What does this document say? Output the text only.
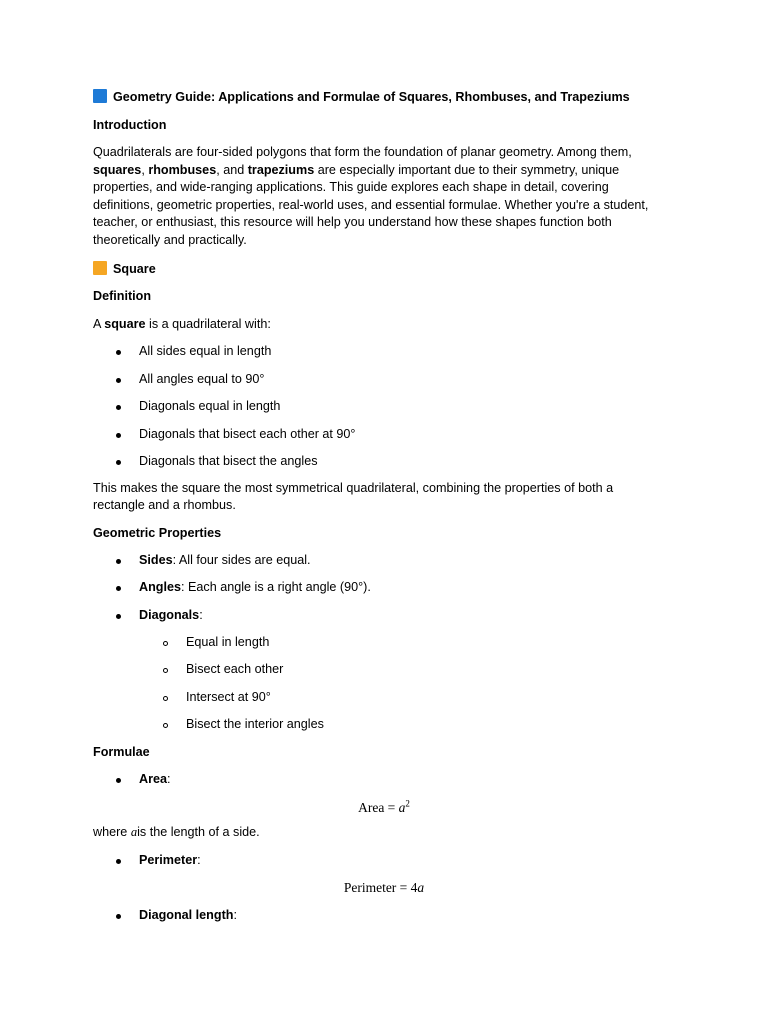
Geometry Guide: Applications and Formulae of Squares, Rhombuses, and Trapeziums
Introduction
Quadrilaterals are four-sided polygons that form the foundation of planar geometry. Among them,
squares, rhombuses, and trapeziums are especially important due to their symmetry, unique
properties, and wide-ranging applications. This guide explores each shape in detail, covering
definitions, geometric properties, real-world uses, and essential formulae. Whether you're a student,
teacher, or enthusiast, this resource will help you understand how these shapes function both
theoretically and practically.
Square
Definition
A square is a quadrilateral with:
All sides equal in length
All angles equal to 90°
Diagonals equal in length
Diagonals that bisect each other at 90°
Diagonals that bisect the angles
This makes the square the most symmetrical quadrilateral, combining the properties of both a
rectangle and a rhombus.
Geometric Properties
Sides: All four sides are equal.
Angles: Each angle is a right angle (90°).
Diagonals:
Equal in length
Bisect each other
Intersect at 90°
Bisect the interior angles
Formulae
Area:
Area = $a^2$
where ais the length of a side.
Perimeter:
Perimeter = 4a
Diagonal length:
